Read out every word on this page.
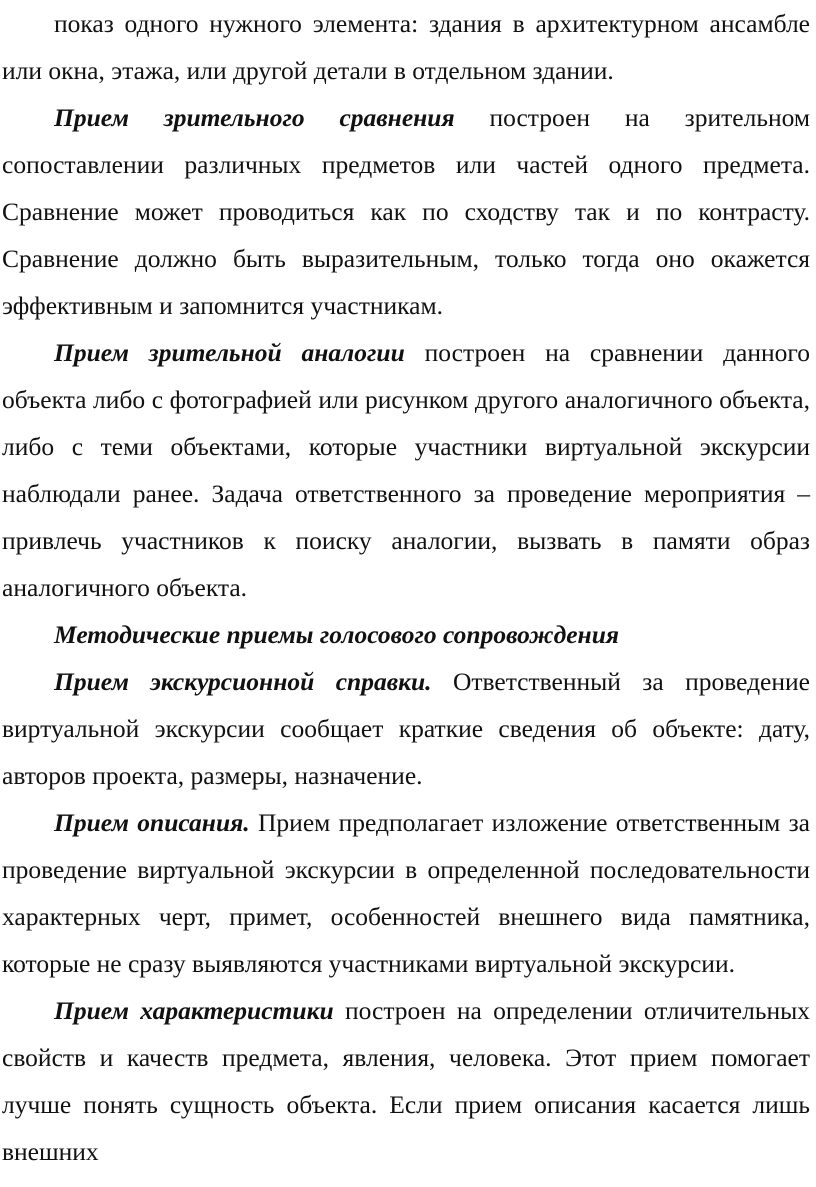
показ одного нужного элемента: здания в архитектурном ансамбле или окна, этажа, или другой детали в отдельном здании.

Прием зрительного сравнения построен на зрительном сопоставлении различных предметов или частей одного предмета. Сравнение может проводиться как по сходству так и по контрасту. Сравнение должно быть выразительным, только тогда оно окажется эффективным и запомнится участникам.

Прием зрительной аналогии построен на сравнении данного объекта либо с фотографией или рисунком другого аналогичного объекта, либо с теми объектами, которые участники виртуальной экскурсии наблюдали ранее. Задача ответственного за проведение мероприятия – привлечь участников к поиску аналогии, вызвать в памяти образ аналогичного объекта.

Методические приемы голосового сопровождения

Прием экскурсионной справки. Ответственный за проведение виртуальной экскурсии сообщает краткие сведения об объекте: дату, авторов проекта, размеры, назначение.

Прием описания. Прием предполагает изложение ответственным за проведение виртуальной экскурсии в определенной последовательности характерных черт, примет, особенностей внешнего вида памятника, которые не сразу выявляются участниками виртуальной экскурсии.

Прием характеристики построен на определении отличительных свойств и качеств предмета, явления, человека. Этот прием помогает лучше понять сущность объекта. Если прием описания касается лишь внешних
